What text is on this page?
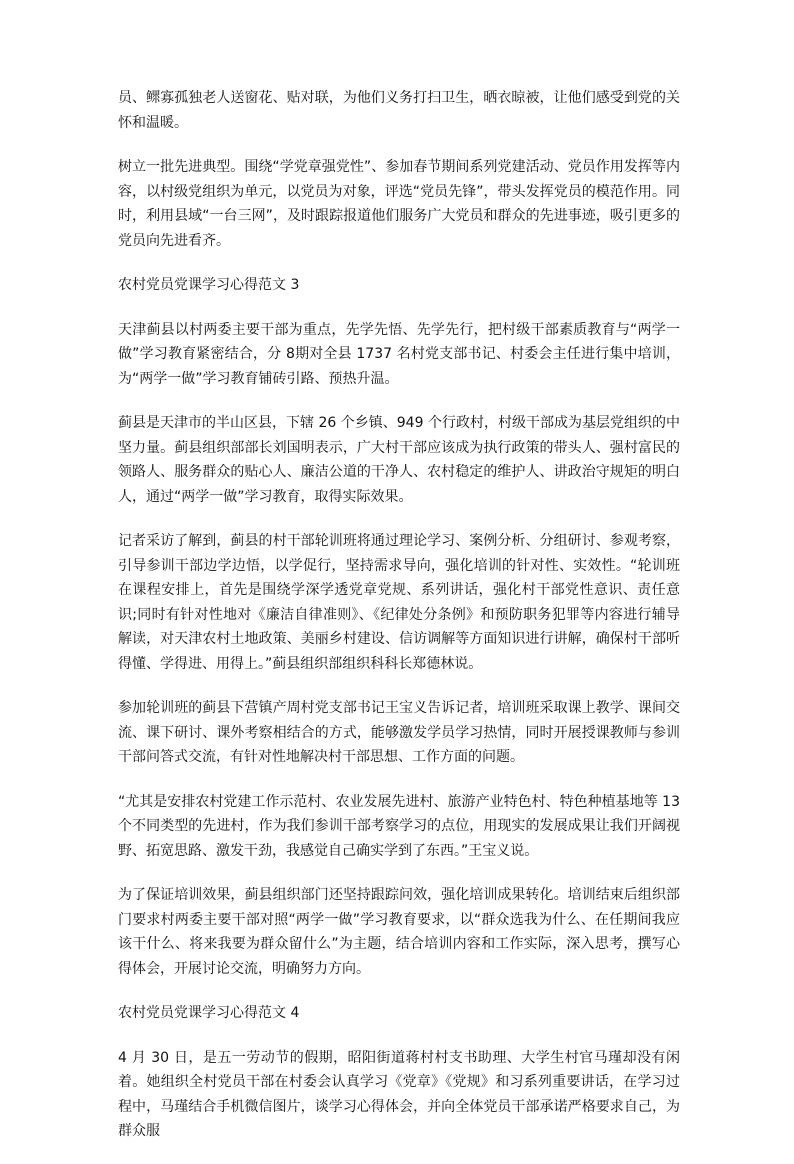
员、鳏寡孤独老人送窗花、贴对联，为他们义务打扫卫生，晒衣晾被，让他们感受到党的关怀和温暖。

树立一批先进典型。围绕“学党章强党性”、参加春节期间系列党建活动、党员作用发挥等内容，以村级党组织为单元，以党员为对象，评选“党员先锋”，带头发挥党员的模范作用。同时，利用县域“一台三网”，及时跟踪报道他们服务广大党员和群众的先进事迹，吸引更多的党员向先进看齐。

农村党员党课学习心得范文 3

天津蓟县以村两委主要干部为重点，先学先悟、先学先行，把村级干部素质教育与“两学一做”学习教育紧密结合，分 8期对全县 1737 名村党支部书记、村委会主任进行集中培训，为“两学一做”学习教育铺砖引路、预热升温。

蓟县是天津市的半山区县，下辖 26 个乡镇、949 个行政村，村级干部成为基层党组织的中坚力量。蓟县组织部部长刘国明表示，广大村干部应该成为执行政策的带头人、强村富民的领路人、服务群众的贴心人、廉洁公道的干净人、农村稳定的维护人、讲政治守规矩的明白人，通过“两学一做”学习教育，取得实际效果。

记者采访了解到，蓟县的村干部轮训班将通过理论学习、案例分析、分组研讨、参观考察，引导参训干部边学边悟，以学促行，坚持需求导向，强化培训的针对性、实效性。“轮训班在课程安排上，首先是围绕学深学透党章党规、系列讲话，强化村干部党性意识、责任意识;同时有针对性地对《廉洁自律准则》、《纪律处分条例》和预防职务犯罪等内容进行辅导解读，对天津农村土地政策、美丽乡村建设、信访调解等方面知识进行讲解，确保村干部听得懂、学得进、用得上。”蓟县组织部组织科科长郑德林说。

参加轮训班的蓟县下营镇产周村党支部书记王宝义告诉记者，培训班采取课上教学、课间交流、课下研讨、课外考察相结合的方式，能够激发学员学习热情，同时开展授课教师与参训干部问答式交流，有针对性地解决村干部思想、工作方面的问题。

“尤其是安排农村党建工作示范村、农业发展先进村、旅游产业特色村、特色种植基地等 13 个不同类型的先进村，作为我们参训干部考察学习的点位，用现实的发展成果让我们开阔视野、拓宽思路、激发干劲，我感觉自己确实学到了东西。”王宝义说。

为了保证培训效果，蓟县组织部门还坚持跟踪问效，强化培训成果转化。培训结束后组织部门要求村两委主要干部对照“两学一做”学习教育要求，以“群众选我为什么、在任期间我应该干什么、将来我要为群众留什么”为主题，结合培训内容和工作实际，深入思考，撰写心得体会，开展讨论交流，明确努力方向。

农村党员党课学习心得范文 4

4 月 30 日，是五一劳动节的假期，昭阳街道蒋村村支书助理、大学生村官马瑾却没有闲着。她组织全村党员干部在村委会认真学习《党章》《党规》和习系列重要讲话，在学习过程中，马瑾结合手机微信图片，谈学习心得体会，并向全体党员干部承诺严格要求自己，为群众服
